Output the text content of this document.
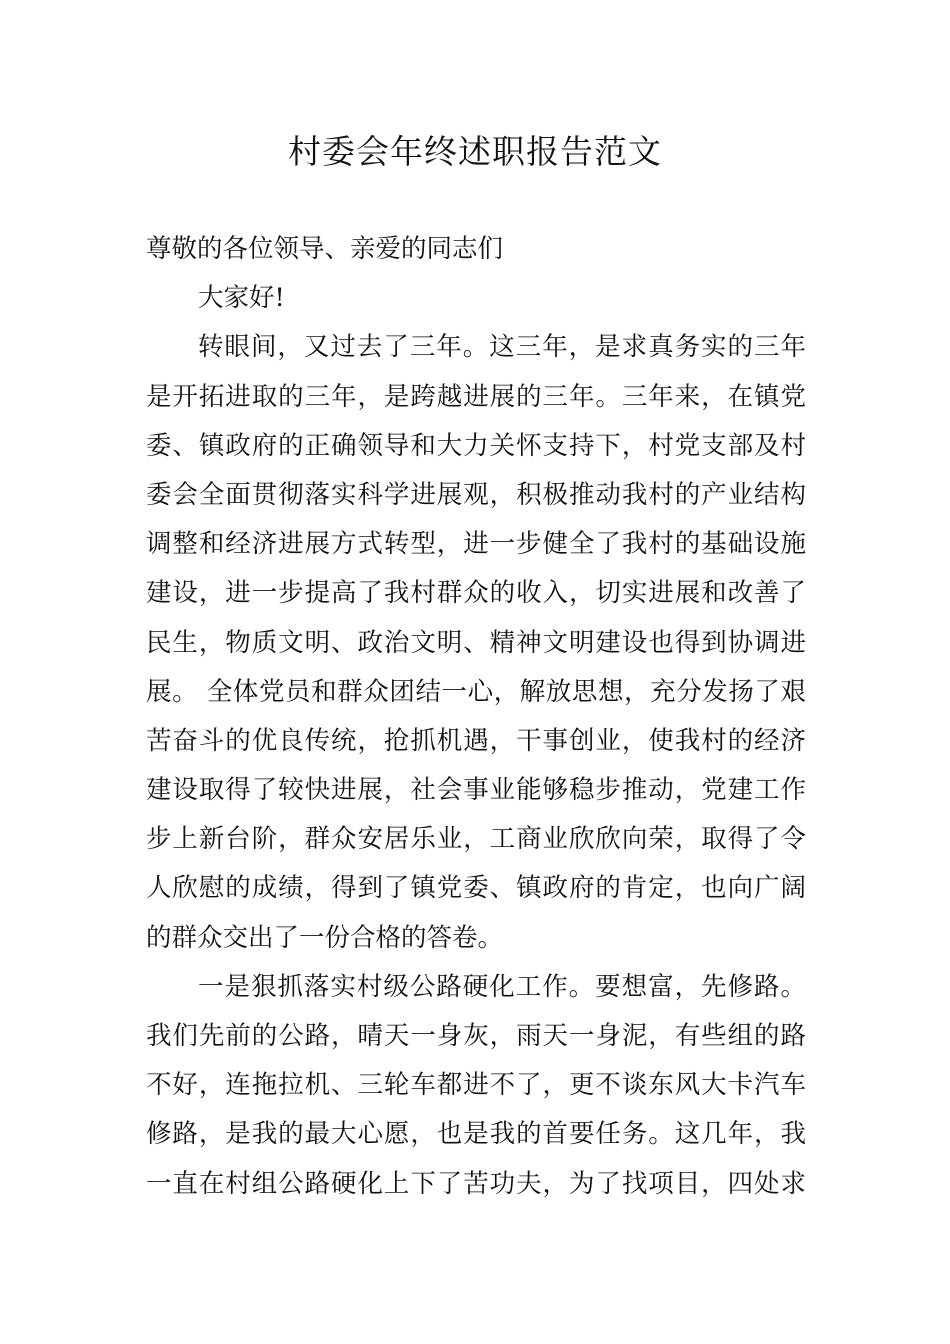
村委会年终述职报告范文
尊敬的各位领导、亲爱的同志们
大家好!
转眼间，又过去了三年。这三年，是求真务实的三年
是开拓进取的三年，是跨越进展的三年。三年来，在镇党
委、镇政府的正确领导和大力关怀支持下，村党支部及村
委会全面贯彻落实科学进展观，积极推动我村的产业结构
调整和经济进展方式转型，进一步健全了我村的基础设施
建设，进一步提高了我村群众的收入，切实进展和改善了
民生，物质文明、政治文明、精神文明建设也得到协调进
展。 全体党员和群众团结一心，解放思想，充分发扬了艰
苦奋斗的优良传统，抢抓机遇，干事创业，使我村的经济
建设取得了较快进展，社会事业能够稳步推动，党建工作
步上新台阶，群众安居乐业，工商业欣欣向荣，取得了令
人欣慰的成绩，得到了镇党委、镇政府的肯定，也向广阔
的群众交出了一份合格的答卷。
一是狠抓落实村级公路硬化工作。要想富，先修路。
我们先前的公路，晴天一身灰，雨天一身泥，有些组的路
不好，连拖拉机、三轮车都进不了，更不谈东风大卡汽车
修路，是我的最大心愿，也是我的首要任务。这几年，我
一直在村组公路硬化上下了苦功夫，为了找项目，四处求
